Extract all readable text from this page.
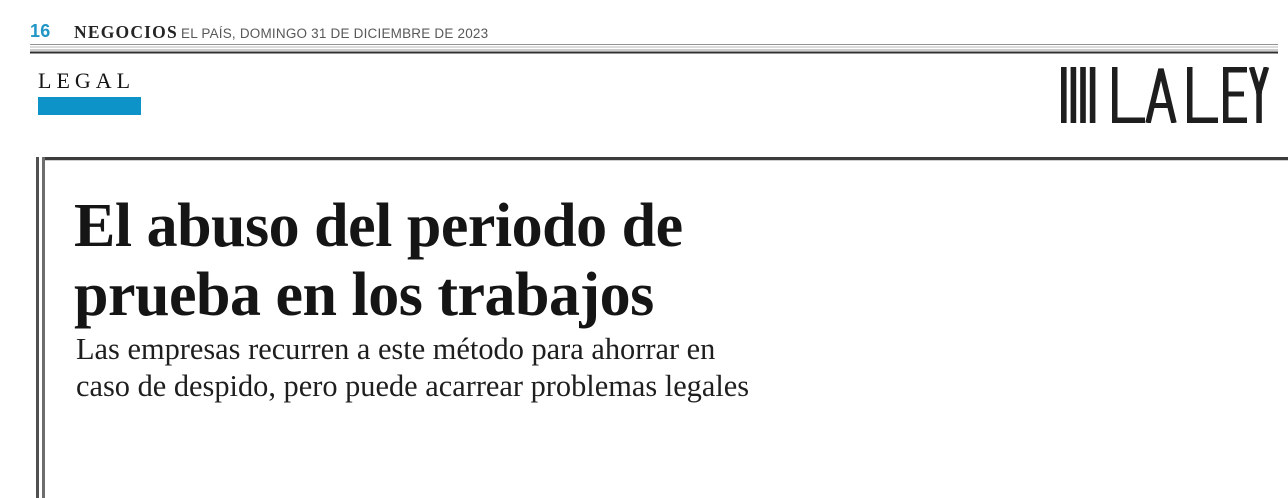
16 NEGOCIOS EL PAÍS, DOMINGO 31 DE DICIEMBRE DE 2023
LEGAL
El abuso del periodo de
prueba en los trabajos
Las empresas recurren a este método para ahorrar en
caso de despido, pero puede acarrear problemas legales
